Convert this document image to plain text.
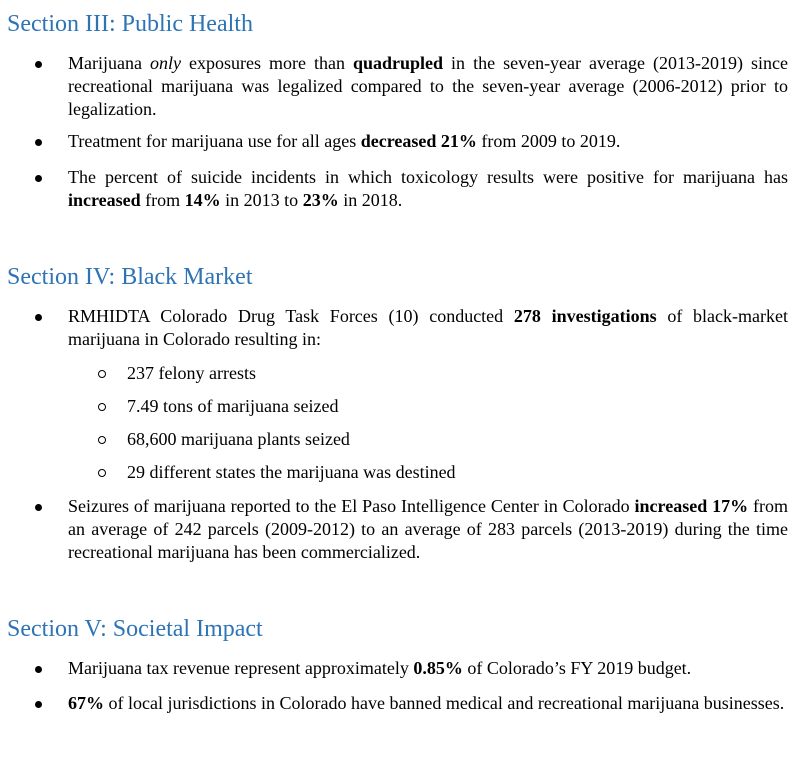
Section III: Public Health
Marijuana only exposures more than quadrupled in the seven-year average (2013-2019) since recreational marijuana was legalized compared to the seven-year average (2006-2012) prior to legalization.
Treatment for marijuana use for all ages decreased 21% from 2009 to 2019.
The percent of suicide incidents in which toxicology results were positive for marijuana has increased from 14% in 2013 to 23% in 2018.
Section IV: Black Market
RMHIDTA Colorado Drug Task Forces (10) conducted 278 investigations of black-market marijuana in Colorado resulting in:
237 felony arrests
7.49 tons of marijuana seized
68,600 marijuana plants seized
29 different states the marijuana was destined
Seizures of marijuana reported to the El Paso Intelligence Center in Colorado increased 17% from an average of 242 parcels (2009-2012) to an average of 283 parcels (2013-2019) during the time recreational marijuana has been commercialized.
Section V: Societal Impact
Marijuana tax revenue represent approximately 0.85% of Colorado’s FY 2019 budget.
67% of local jurisdictions in Colorado have banned medical and recreational marijuana businesses.
